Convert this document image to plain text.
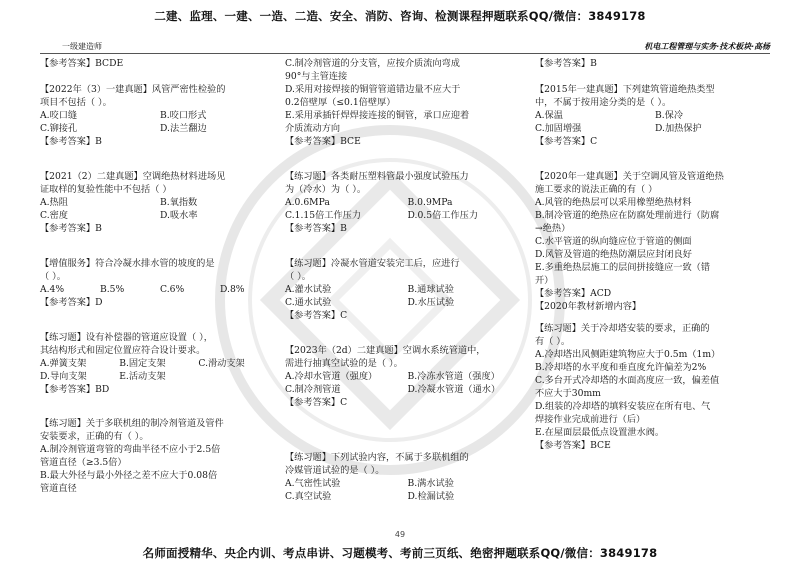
二建、监理、一建、一造、二造、安全、消防、咨询、检测课程押题联系QQ/微信：3849178
一级建造师	机电工程管理与实务·技术板块·高杨
【参考答案】BCDE
【2022年（3）一建真题】风管严密性检验的
项目不包括（ ）。
A.咬口缝	B.咬口形式
C.铆接孔	D.法兰翻边
【参考答案】B
【2021（2）二建真题】空调绝热材料进场见
证取样的复验性能中不包括（ ）
A.热阻	B.氧指数
C.密度	D.吸水率
【参考答案】B
【增值服务】符合冷凝水排水管的坡度的是
（ ）。
A.4%	B.5%	C.6%	D.8%
【参考答案】D
【练习题】设有补偿器的管道应设置（ ），
其结构形式和固定位置应符合设计要求。
A.弹簧支架	B.固定支架	C.滑动支架
D.导向支架	E.活动支架
【参考答案】BD
【练习题】关于多联机组的制冷剂管道及管件
安装要求，正确的有（ ）。
A.制冷剂管道弯管的弯曲半径不应小于2.5倍
管道直径（≥3.5倍）
B.最大外径与最小外径之差不应大于0.08倍
管道直径
C.制冷剂管道的分支管，应按介质流向弯成
90°与主管连接
D.采用对接焊接的铜管管道错边量不应大于
0.2倍壁厚（≤0.1倍壁厚）
E.采用承插钎焊焊接连接的铜管，承口应迎着
介质流动方向
【参考答案】BCE
【练习题】各类耐压塑料管最小强度试验压力
为（冷水）为（ ）。
A.0.6MPa	B.0.9MPa
C.1.15倍工作压力	D.0.5倍工作压力
【参考答案】B
【练习题】冷凝水管道安装完工后，应进行
（ ）。
A.灌水试验	B.通球试验
C.通水试验	D.水压试验
【参考答案】C
【2023年（2d）二建真题】空调水系统管道中，
需进行抽真空试验的是（ ）。
A.冷却水管道（强度）	B.冷冻水管道（强度）
C.制冷剂管道	D.冷凝水管道（通水）
【参考答案】C
【练习题】下列试验内容，不属于多联机组的
冷媒管道试验的是（ ）。
A.气密性试验	B.满水试验
C.真空试验	D.检漏试验
【参考答案】B
【2015年一建真题】下列建筑管道绝热类型
中，不属于按用途分类的是（ ）。
A.保温	B.保冷
C.加固增强	D.加热保护
【参考答案】C
【2020年一建真题】关于空调风管及管道绝热
施工要求的说法正确的有（ ）
A.风管的绝热层可以采用橡塑绝热材料
B.制冷管道的绝热应在防腐处理前进行（防腐
→绝热）
C.水平管道的纵向缝应位于管道的侧面
D.风管及管道的绝热防潮层应封闭良好
E.多重绝热层施工的层间拼接缝应一致（错
开）
【参考答案】ACD
【2020年教材新增内容】
【练习题】关于冷却塔安装的要求，正确的
有（ ）。
A.冷却塔出风侧距建筑物应大于0.5m（1m）
B.冷却塔的水平度和垂直度允许偏差为2%
C.多台开式冷却塔的水面高度应一致，偏差值
不应大于30mm
D.组装的冷却塔的填料安装应在所有电、气
焊接作业完成前进行（后）
E.在屋面层最低点设置泄水阀。
【参考答案】BCE
49
名师面授精华、央企内训、考点串讲、习题模考、考前三页纸、绝密押题联系QQ/微信：3849178
